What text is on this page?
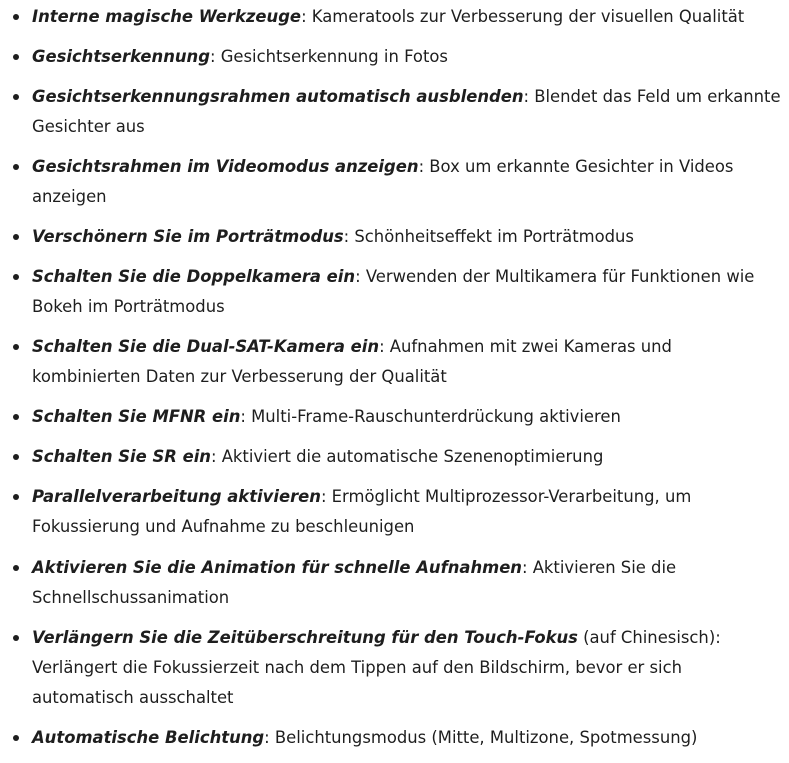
Interne magische Werkzeuge: Kameratools zur Verbesserung der visuellen Qualität
Gesichtserkennung: Gesichtserkennung in Fotos
Gesichtserkennungsrahmen automatisch ausblenden: Blendet das Feld um erkannte Gesichter aus
Gesichtsrahmen im Videomodus anzeigen: Box um erkannte Gesichter in Videos anzeigen
Verschönern Sie im Porträtmodus: Schönheitseffekt im Porträtmodus
Schalten Sie die Doppelkamera ein: Verwenden der Multikamera für Funktionen wie Bokeh im Porträtmodus
Schalten Sie die Dual-SAT-Kamera ein: Aufnahmen mit zwei Kameras und kombinierten Daten zur Verbesserung der Qualität
Schalten Sie MFNR ein: Multi-Frame-Rauschunterdrückung aktivieren
Schalten Sie SR ein: Aktiviert die automatische Szenenoptimierung
Parallelverarbeitung aktivieren: Ermöglicht Multiprozessor-Verarbeitung, um Fokussierung und Aufnahme zu beschleunigen
Aktivieren Sie die Animation für schnelle Aufnahmen: Aktivieren Sie die Schnellschussanimation
Verlängern Sie die Zeitüberschreitung für den Touch-Fokus (auf Chinesisch): Verlängert die Fokussierzeit nach dem Tippen auf den Bildschirm, bevor er sich automatisch ausschaltet
Automatische Belichtung: Belichtungsmodus (Mitte, Multizone, Spotmessung)
